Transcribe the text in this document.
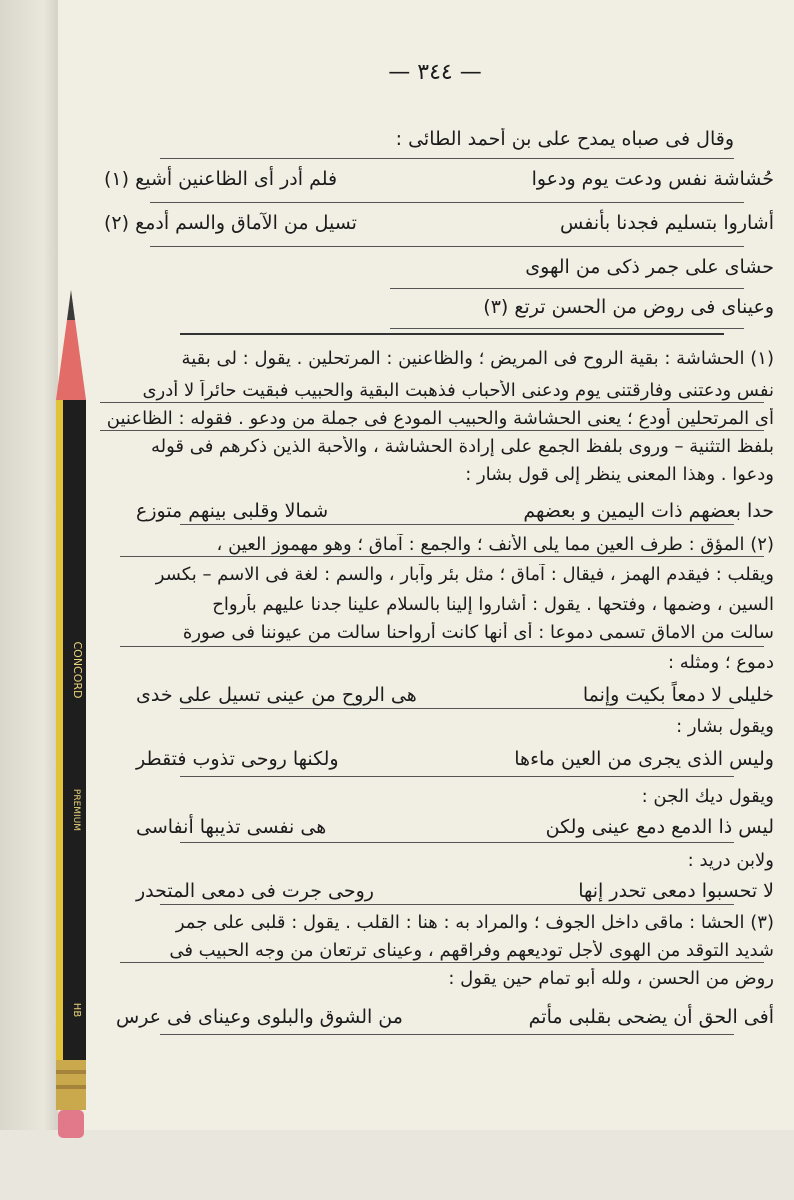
— ٣٤٤ —
وقال فى صباه يمدح على بن أحمد الطائى :
حُشاشة نفس ودعت يوم ودعوا
فلم أدر أى الظاعنين أشيع (١)
أشاروا بتسليم فجدنا بأنفس
تسيل من الآماق والسم أدمع (٢)
حشاى على جمر ذكى من الهوى
وعيناى فى روض من الحسن ترتع (٣)
(١) الحشاشة : بقية الروح فى المريض ؛ والظاعنين : المرتحلين . يقول : لى بقية
نفس ودعتنى وفارقتنى يوم ودعنى الأحباب فذهبت البقية والحبيب فبقيت حائراً لا أدرى
أى المرتحلين أودع ؛ يعنى الحشاشة والحبيب المودع فى جملة من ودعو . فقوله : الظاعنين
بلفظ التثنية – وروى بلفظ الجمع على إرادة الحشاشة ، والأحبة الذين ذكرهم فى قوله
ودعوا . وهذا المعنى ينظر إلى قول بشار :
حدا بعضهم ذات اليمين و بعضهم
شمالا وقلبى بينهم متوزع
(٢) المؤق : طرف العين مما يلى الأنف ؛ والجمع : آماق ؛ وهو مهموز العين ،
ويقلب : فيقدم الهمز ، فيقال : آماق ؛ مثل بئر وآبار ، والسم : لغة فى الاسم – بكسر
السين ، وضمها ، وفتحها . يقول : أشاروا إلينا بالسلام علينا جدنا عليهم بأرواح
سالت من الاماق تسمى دموعا : أى أنها كانت أرواحنا سالت من عيوننا فى صورة
دموع ؛ ومثله :
خليلى لا دمعاً بكيت وإنما
هى الروح من عينى تسيل على خدى
ويقول بشار :
وليس الذى يجرى من العين ماءها
ولكنها روحى تذوب فتقطر
ويقول ديك الجن :
ليس ذا الدمع دمع عينى ولكن
هى نفسى تذيبها أنفاسى
ولابن دريد :
لا تحسبوا دمعى تحدر إنها
روحى جرت فى دمعى المتحدر
(٣) الحشا : ماقى داخل الجوف ؛ والمراد به : هنا : القلب . يقول : قلبى على جمر
شديد التوقد من الهوى لأجل توديعهم وفراقهم ، وعيناى ترتعان من وجه الحبيب فى
روض من الحسن ، ولله أبو تمام حين يقول :
أفى الحق أن يضحى بقلبى مأتم
من الشوق والبلوى وعيناى فى عرس
CONCORD
PREMIUM
HB
